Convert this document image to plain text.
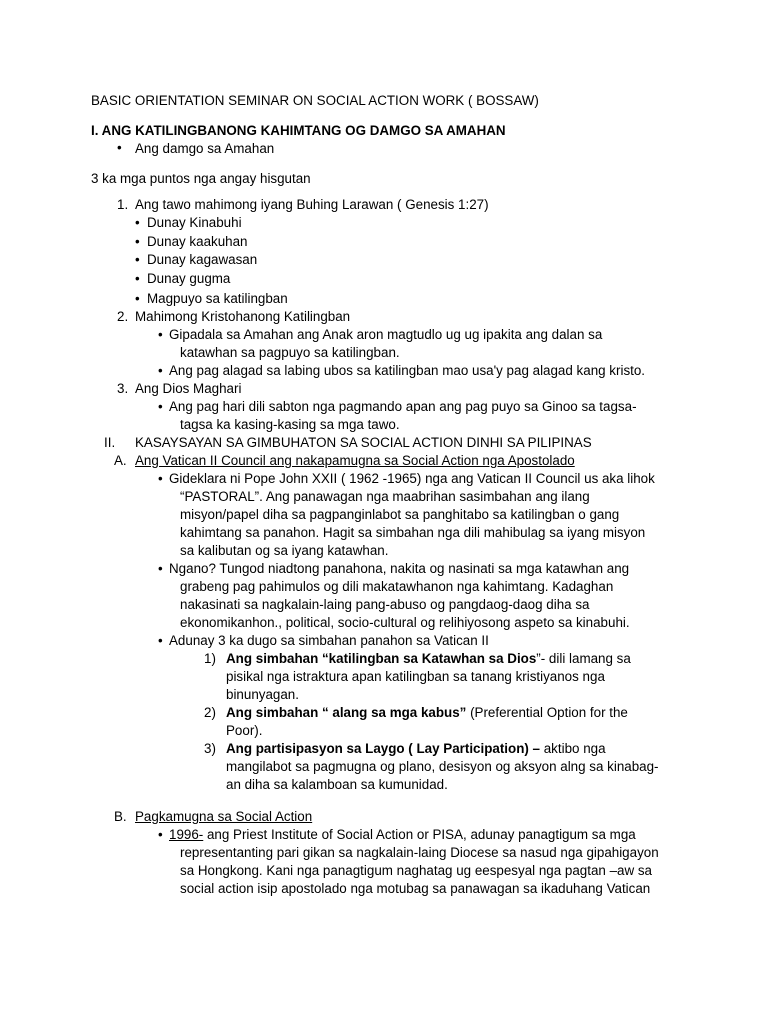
BASIC ORIENTATION SEMINAR ON SOCIAL ACTION WORK ( BOSSAW)
I. ANG KATILINGBANONG KAHIMTANG OG DAMGO SA AMAHAN
• Ang damgo sa Amahan
3 ka mga puntos nga angay hisgutan
1. Ang tawo mahimong iyang Buhing Larawan ( Genesis 1:27)
• Dunay Kinabuhi
• Dunay kaakuhan
• Dunay kagawasan
• Dunay gugma
• Magpuyo sa katilingban
2. Mahimong Kristohanong Katilingban
• Gipadala sa Amahan ang Anak aron magtudlo ug ug ipakita ang dalan sa
katawhan sa pagpuyo sa katilingban.
• Ang pag alagad sa labing ubos sa katilingban mao usa'y pag alagad kang kristo.
3. Ang Dios Maghari
• Ang pag hari dili sabton nga pagmando apan ang pag puyo sa Ginoo sa tagsa-
tagsa ka kasing-kasing sa mga tawo.
II. KASAYSAYAN SA GIMBUHATON SA SOCIAL ACTION DINHI SA PILIPINAS
A. Ang Vatican II Council ang nakapamugna sa Social Action nga Apostolado
• Gideklara ni Pope John XXII ( 1962 -1965) nga ang Vatican II Council us aka lihok
“PASTORAL”. Ang panawagan nga maabrihan sasimbahan ang ilang
misyon/papel diha sa pagpanginlabot sa panghitabo sa katilingban o gang
kahimtang sa panahon. Hagit sa simbahan nga dili mahibulag sa iyang misyon
sa kalibutan og sa iyang katawhan.
• Ngano? Tungod niadtong panahona, nakita og nasinati sa mga katawhan ang
grabeng pag pahimulos og dili makatawhanon nga kahimtang. Kadaghan
nakasinati sa nagkalain-laing pang-abuso og pangdaog-daog diha sa
ekonomikanhon., political, socio-cultural og relihiyosong aspeto sa kinabuhi.
• Adunay 3 ka dugo sa simbahan panahon sa Vatican II
1) Ang simbahan “katilingban sa Katawhan sa Dios”- dili lamang sa
pisikal nga istraktura apan katilingban sa tanang kristiyanos nga
binunyagan.
2) Ang simbahan “ alang sa mga kabus” (Preferential Option for the
Poor).
3) Ang partisipasyon sa Laygo ( Lay Participation) – aktibo nga
mangilabot sa pagmugna og plano, desisyon og aksyon alng sa kinabag-
an diha sa kalamboan sa kumunidad.
B. Pagkamugna sa Social Action
• 1996- ang Priest Institute of Social Action or PISA, adunay panagtigum sa mga
representanting pari gikan sa nagkalain-laing Diocese sa nasud nga gipahigayon
sa Hongkong. Kani nga panagtigum naghatag ug eespesyal nga pagtan –aw sa
social action isip apostolado nga motubag sa panawagan sa ikaduhang Vatican
